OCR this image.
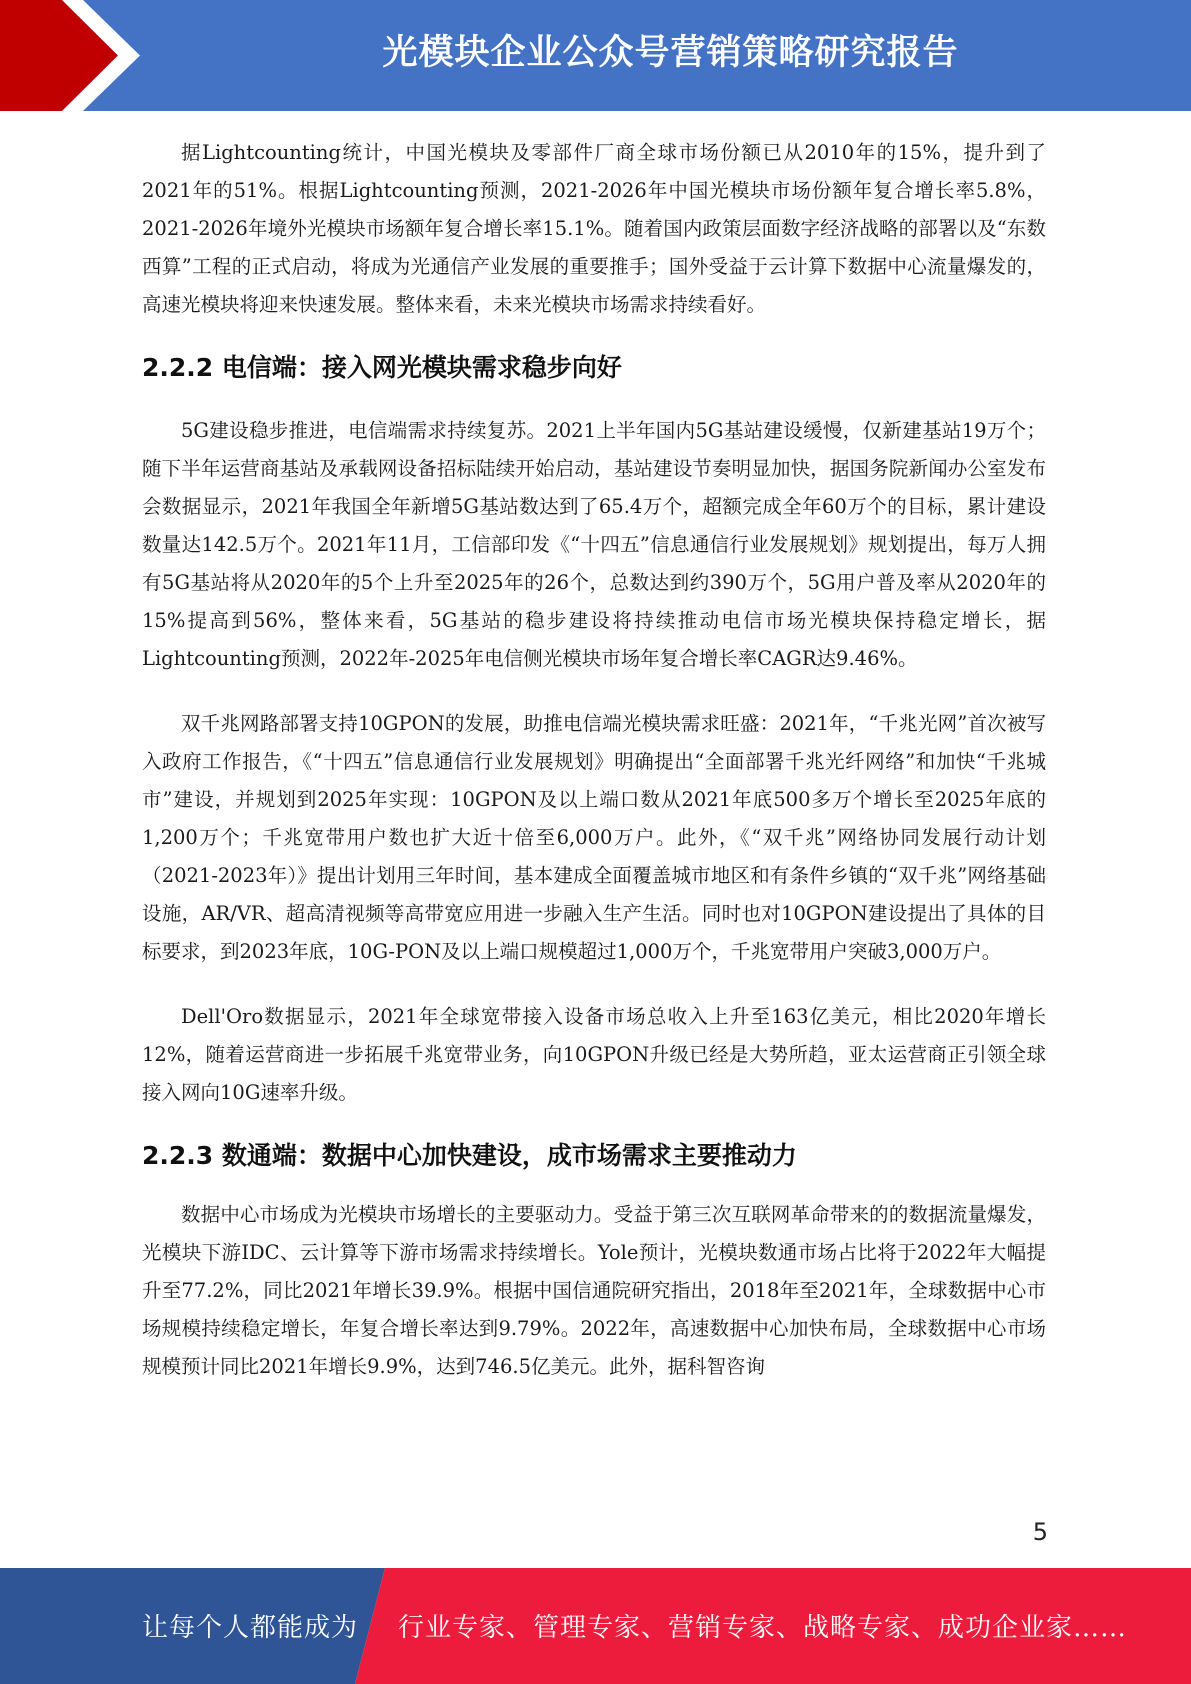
光模块企业公众号营销策略研究报告

据Lightcounting统计，中国光模块及零部件厂商全球市场份额已从2010年的15%，提升到了2021年的51%。根据Lightcounting预测，2021-2026年中国光模块市场份额年复合增长率5.8%，2021-2026年境外光模块市场额年复合增长率15.1%。随着国内政策层面数字经济战略的部署以及“东数西算”工程的正式启动，将成为光通信产业发展的重要推手；国外受益于云计算下数据中心流量爆发的，高速光模块将迎来快速发展。整体来看，未来光模块市场需求持续看好。

2.2.2 电信端：接入网光模块需求稳步向好

5G建设稳步推进，电信端需求持续复苏。2021上半年国内5G基站建设缓慢，仅新建基站19万个；随下半年运营商基站及承载网设备招标陆续开始启动，基站建设节奏明显加快，据国务院新闻办公室发布会数据显示，2021年我国全年新增5G基站数达到了65.4万个，超额完成全年60万个的目标，累计建设数量达142.5万个。2021年11月，工信部印发《“十四五”信息通信行业发展规划》规划提出，每万人拥有5G基站将从2020年的5个上升至2025年的26个，总数达到约390万个，5G用户普及率从2020年的15%提高到56%，整体来看，5G基站的稳步建设将持续推动电信市场光模块保持稳定增长，据Lightcounting预测，2022年-2025年电信侧光模块市场年复合增长率CAGR达9.46%。

双千兆网路部署支持10GPON的发展，助推电信端光模块需求旺盛：2021年，“千兆光网”首次被写入政府工作报告，《“十四五”信息通信行业发展规划》明确提出“全面部署千兆光纤网络”和加快“千兆城市”建设，并规划到2025年实现：10GPON及以上端口数从2021年底500多万个增长至2025年底的1,200万个；千兆宽带用户数也扩大近十倍至6,000万户。此外，《“双千兆”网络协同发展行动计划（2021-2023年）》提出计划用三年时间，基本建成全面覆盖城市地区和有条件乡镇的“双千兆”网络基础设施，AR/VR、超高清视频等高带宽应用进一步融入生产生活。同时也对10GPON建设提出了具体的目标要求，到2023年底，10G-PON及以上端口规模超过1,000万个，千兆宽带用户突破3,000万户。

Dell'Oro数据显示，2021年全球宽带接入设备市场总收入上升至163亿美元，相比2020年增长12%，随着运营商进一步拓展千兆宽带业务，向10GPON升级已经是大势所趋，亚太运营商正引领全球接入网向10G速率升级。

2.2.3 数通端：数据中心加快建设，成市场需求主要推动力

数据中心市场成为光模块市场增长的主要驱动力。受益于第三次互联网革命带来的的数据流量爆发，光模块下游IDC、云计算等下游市场需求持续增长。Yole预计，光模块数通市场占比将于2022年大幅提升至77.2%，同比2021年增长39.9%。根据中国信通院研究指出，2018年至2021年，全球数据中心市场规模持续稳定增长，年复合增长率达到9.79%。2022年，高速数据中心加快布局，全球数据中心市场规模预计同比2021年增长9.9%，达到746.5亿美元。此外，据科智咨询

5
让每个人都能成为 行业专家、管理专家、营销专家、战略专家、成功企业家……
